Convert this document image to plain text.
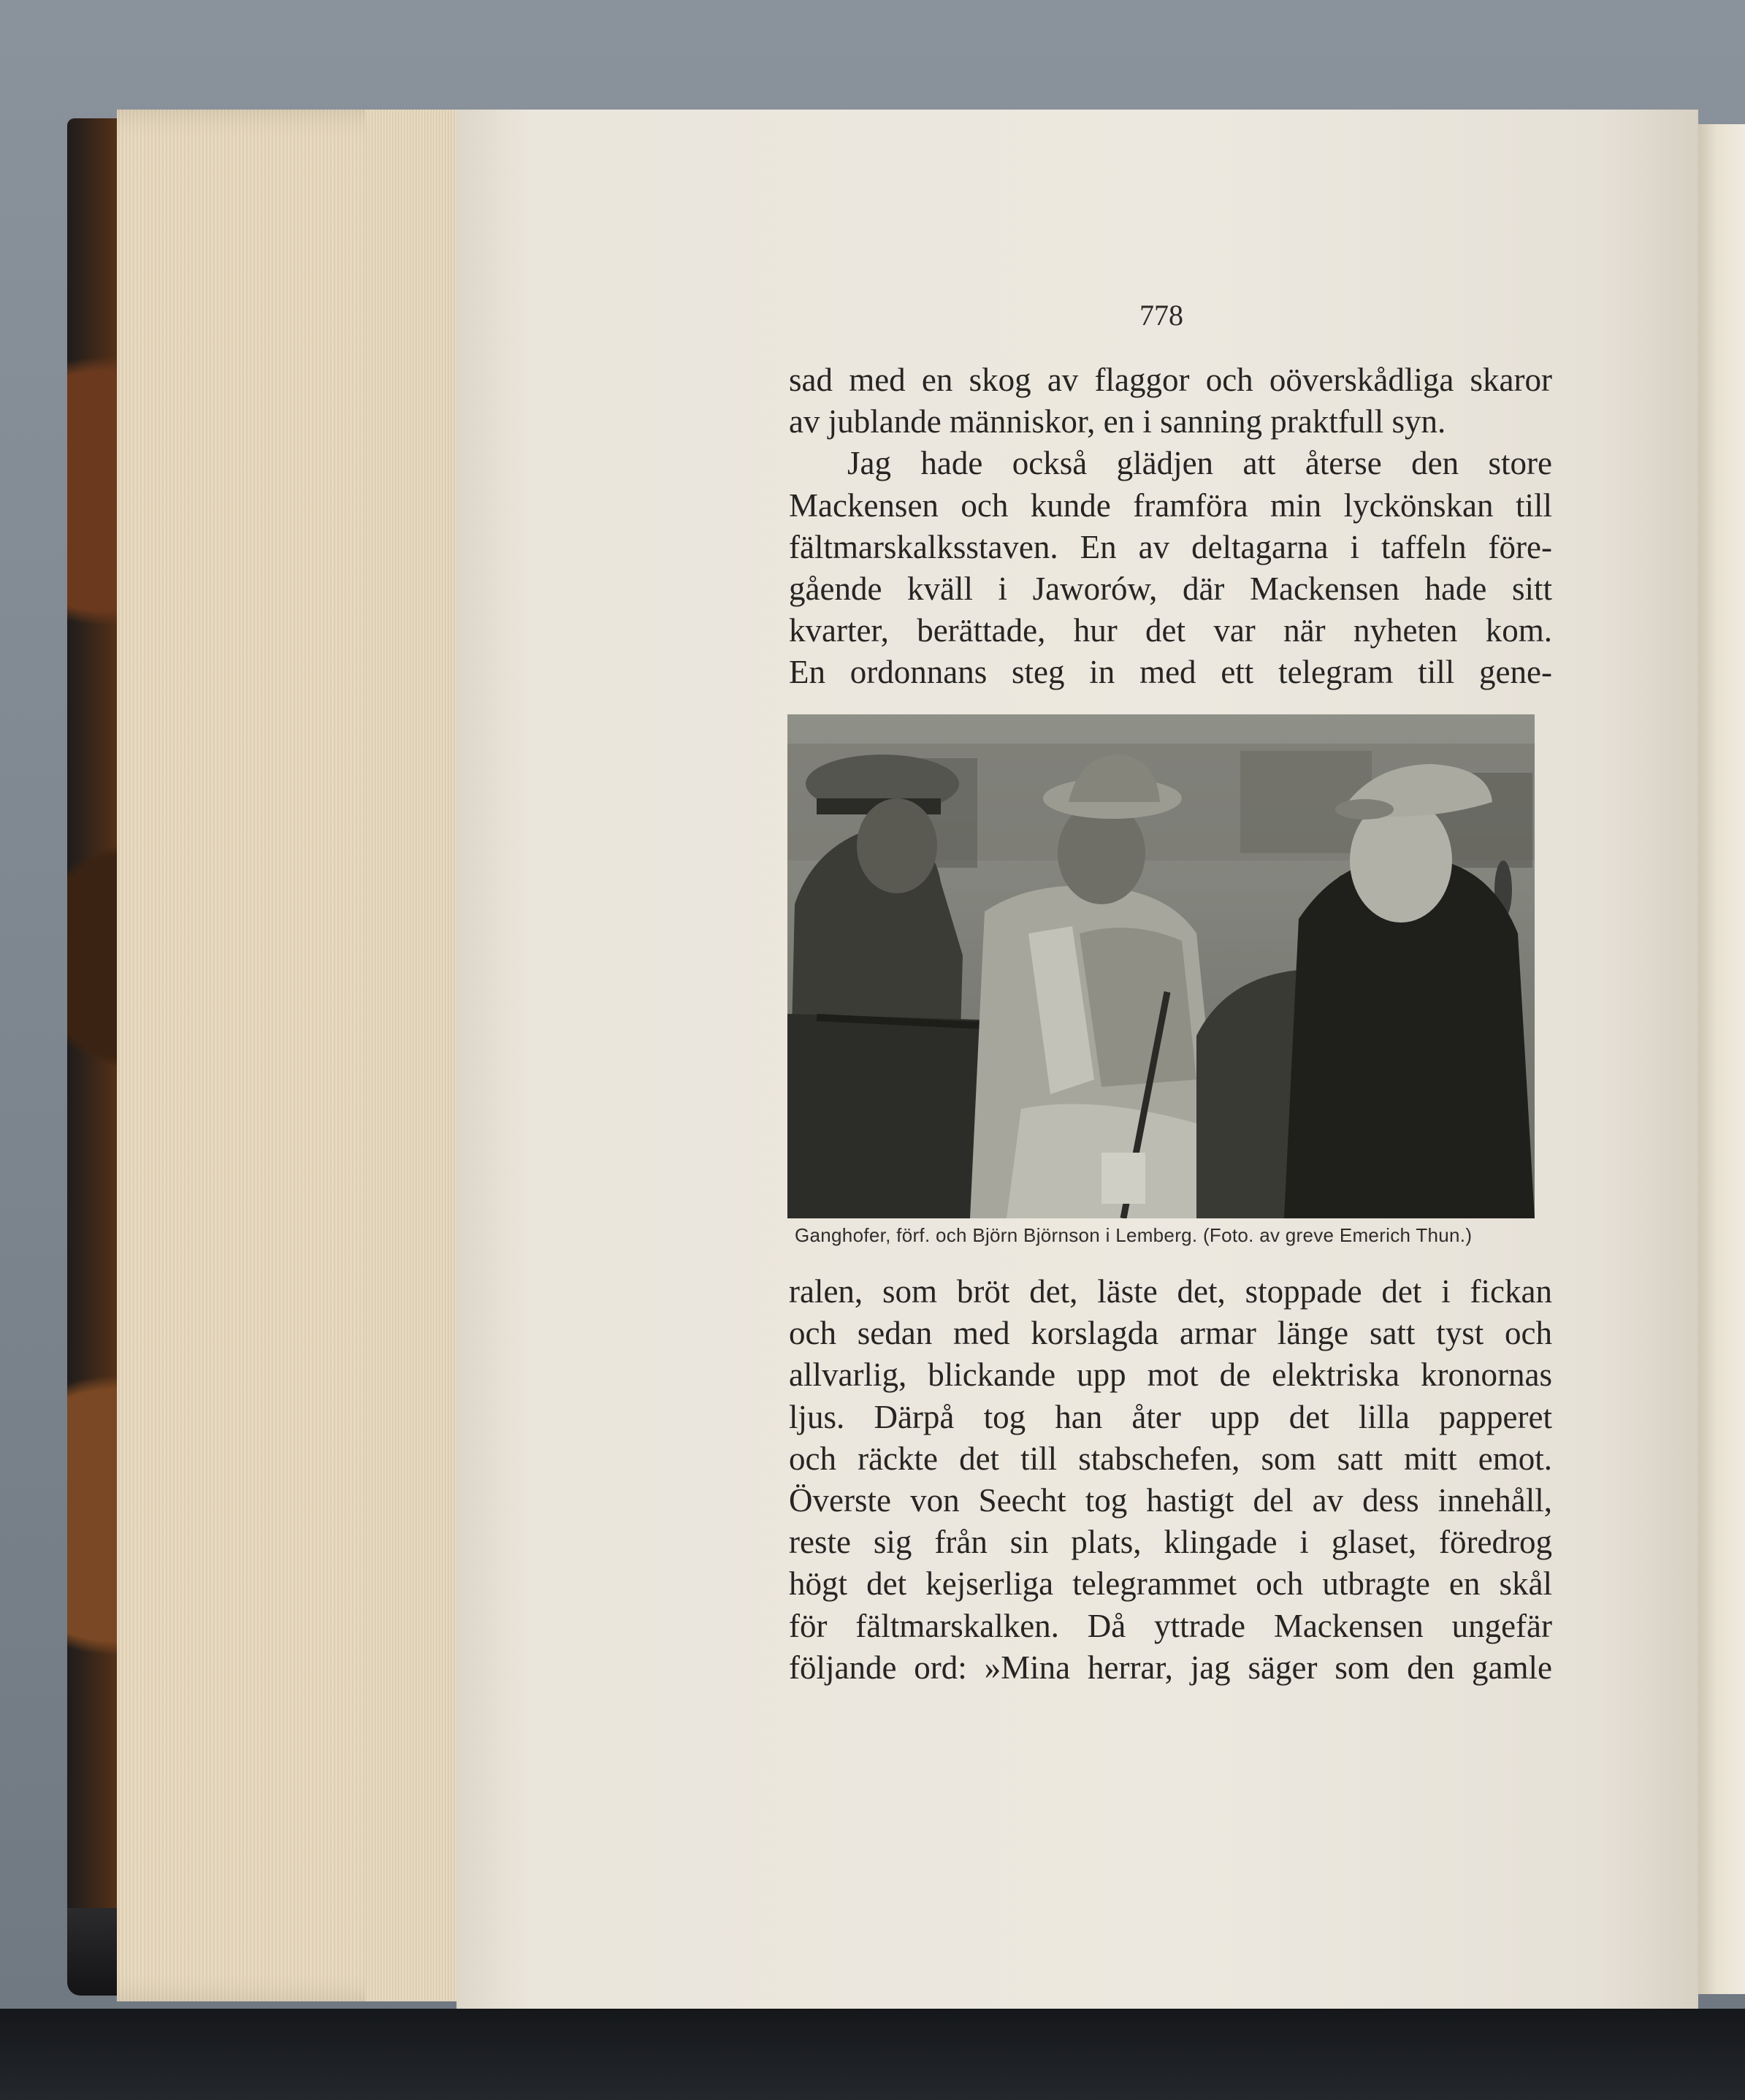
778
sad med en skog av flaggor och oöverskådliga skaror
av jublande människor, en i sanning praktfull syn.
Jag hade också glädjen att återse den store
Mackensen och kunde framföra min lyckönskan till
fältmarskalksstaven. En av deltagarna i taffeln före-
gående kväll i Jaworów, där Mackensen hade sitt
kvarter, berättade, hur det var när nyheten kom.
En ordonnans steg in med ett telegram till gene-
Ganghofer, förf. och Björn Björnson i Lemberg. (Foto. av greve Emerich Thun.)
ralen, som bröt det, läste det, stoppade det i fickan
och sedan med korslagda armar länge satt tyst och
allvarlig, blickande upp mot de elektriska kronornas
ljus. Därpå tog han åter upp det lilla papperet
och räckte det till stabschefen, som satt mitt emot.
Överste von Seecht tog hastigt del av dess innehåll,
reste sig från sin plats, klingade i glaset, föredrog
högt det kejserliga telegrammet och utbragte en skål
för fältmarskalken. Då yttrade Mackensen ungefär
följande ord: »Mina herrar, jag säger som den gamle
